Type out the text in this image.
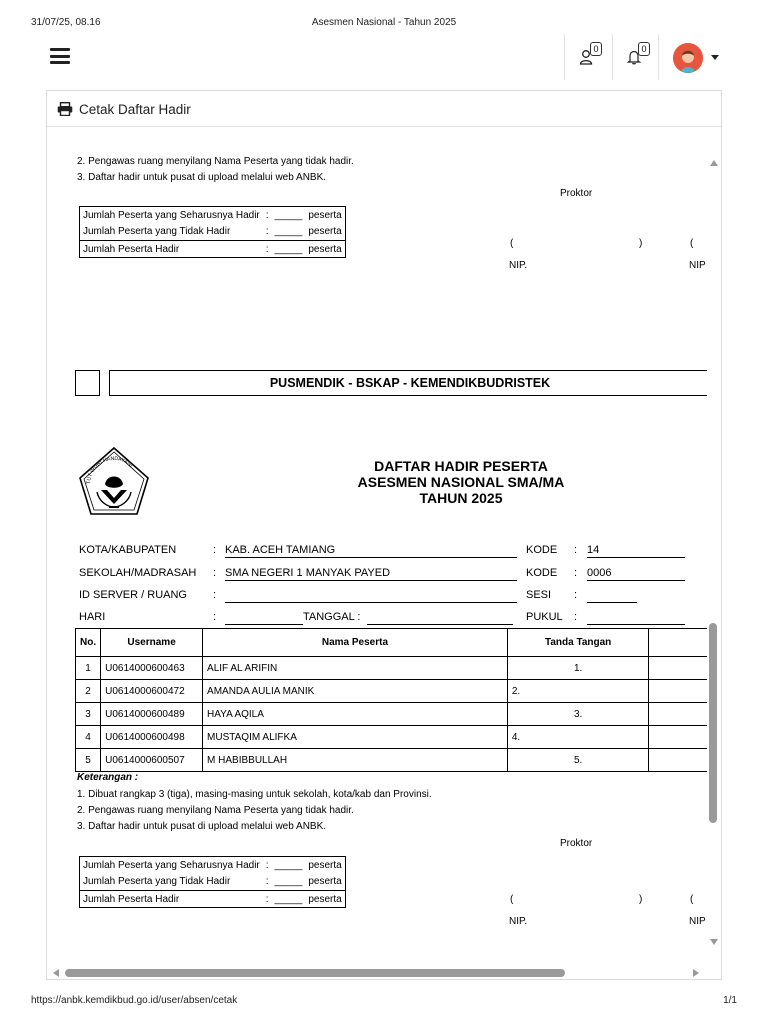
31/07/25, 08.16	Asesmen Nasional - Tahun 2025
0	0
Cetak Daftar Hadir
2. Pengawas ruang menyilang Nama Peserta yang tidak hadir.
3. Daftar hadir untuk pusat di upload melalui web ANBK.
Proktor
Jumlah Peserta yang Seharusnya Hadir	:	_____	peserta
Jumlah Peserta yang Tidak Hadir	:	_____	peserta
Jumlah Peserta Hadir	:	_____	peserta	(	)	(
NIP.	NIP
PUSMENDIK - BSKAP - KEMENDIKBUDRISTEK
TUT WURI HANDAYANI	DAFTAR HADIR PESERTA
ASESMEN NASIONAL SMA/MA
TAHUN 2025
KOTA/KABUPATEN	: KAB. ACEH TAMIANG	KODE : 14
SEKOLAH/MADRASAH : SMA NEGERI 1 MANYAK PAYED	KODE : 0006
ID SERVER / RUANG :	SESI :
HARI	:	TANGGAL :	PUKUL :
No.	Username	Nama Peserta	Tanda Tangan	
1	U0614000600463	ALIF AL ARIFIN	1.	
2	U0614000600472	AMANDA AULIA MANIK	2.	
3	U0614000600489	HAYA AQILA	3.	
4	U0614000600498	MUSTAQIM ALIFKA	4.	
5	U0614000600507	M HABIBBULLAH	5.	
Keterangan :
1. Dibuat rangkap 3 (tiga), masing-masing untuk sekolah, kota/kab dan Provinsi.
2. Pengawas ruang menyilang Nama Peserta yang tidak hadir.
3. Daftar hadir untuk pusat di upload melalui web ANBK.
Proktor
Jumlah Peserta yang Seharusnya Hadir	:	_____	peserta
Jumlah Peserta yang Tidak Hadir	:	_____	peserta
Jumlah Peserta Hadir	:	_____	peserta	(	)	(
NIP.	NIP
https://anbk.kemdikbud.go.id/user/absen/cetak	1/1
